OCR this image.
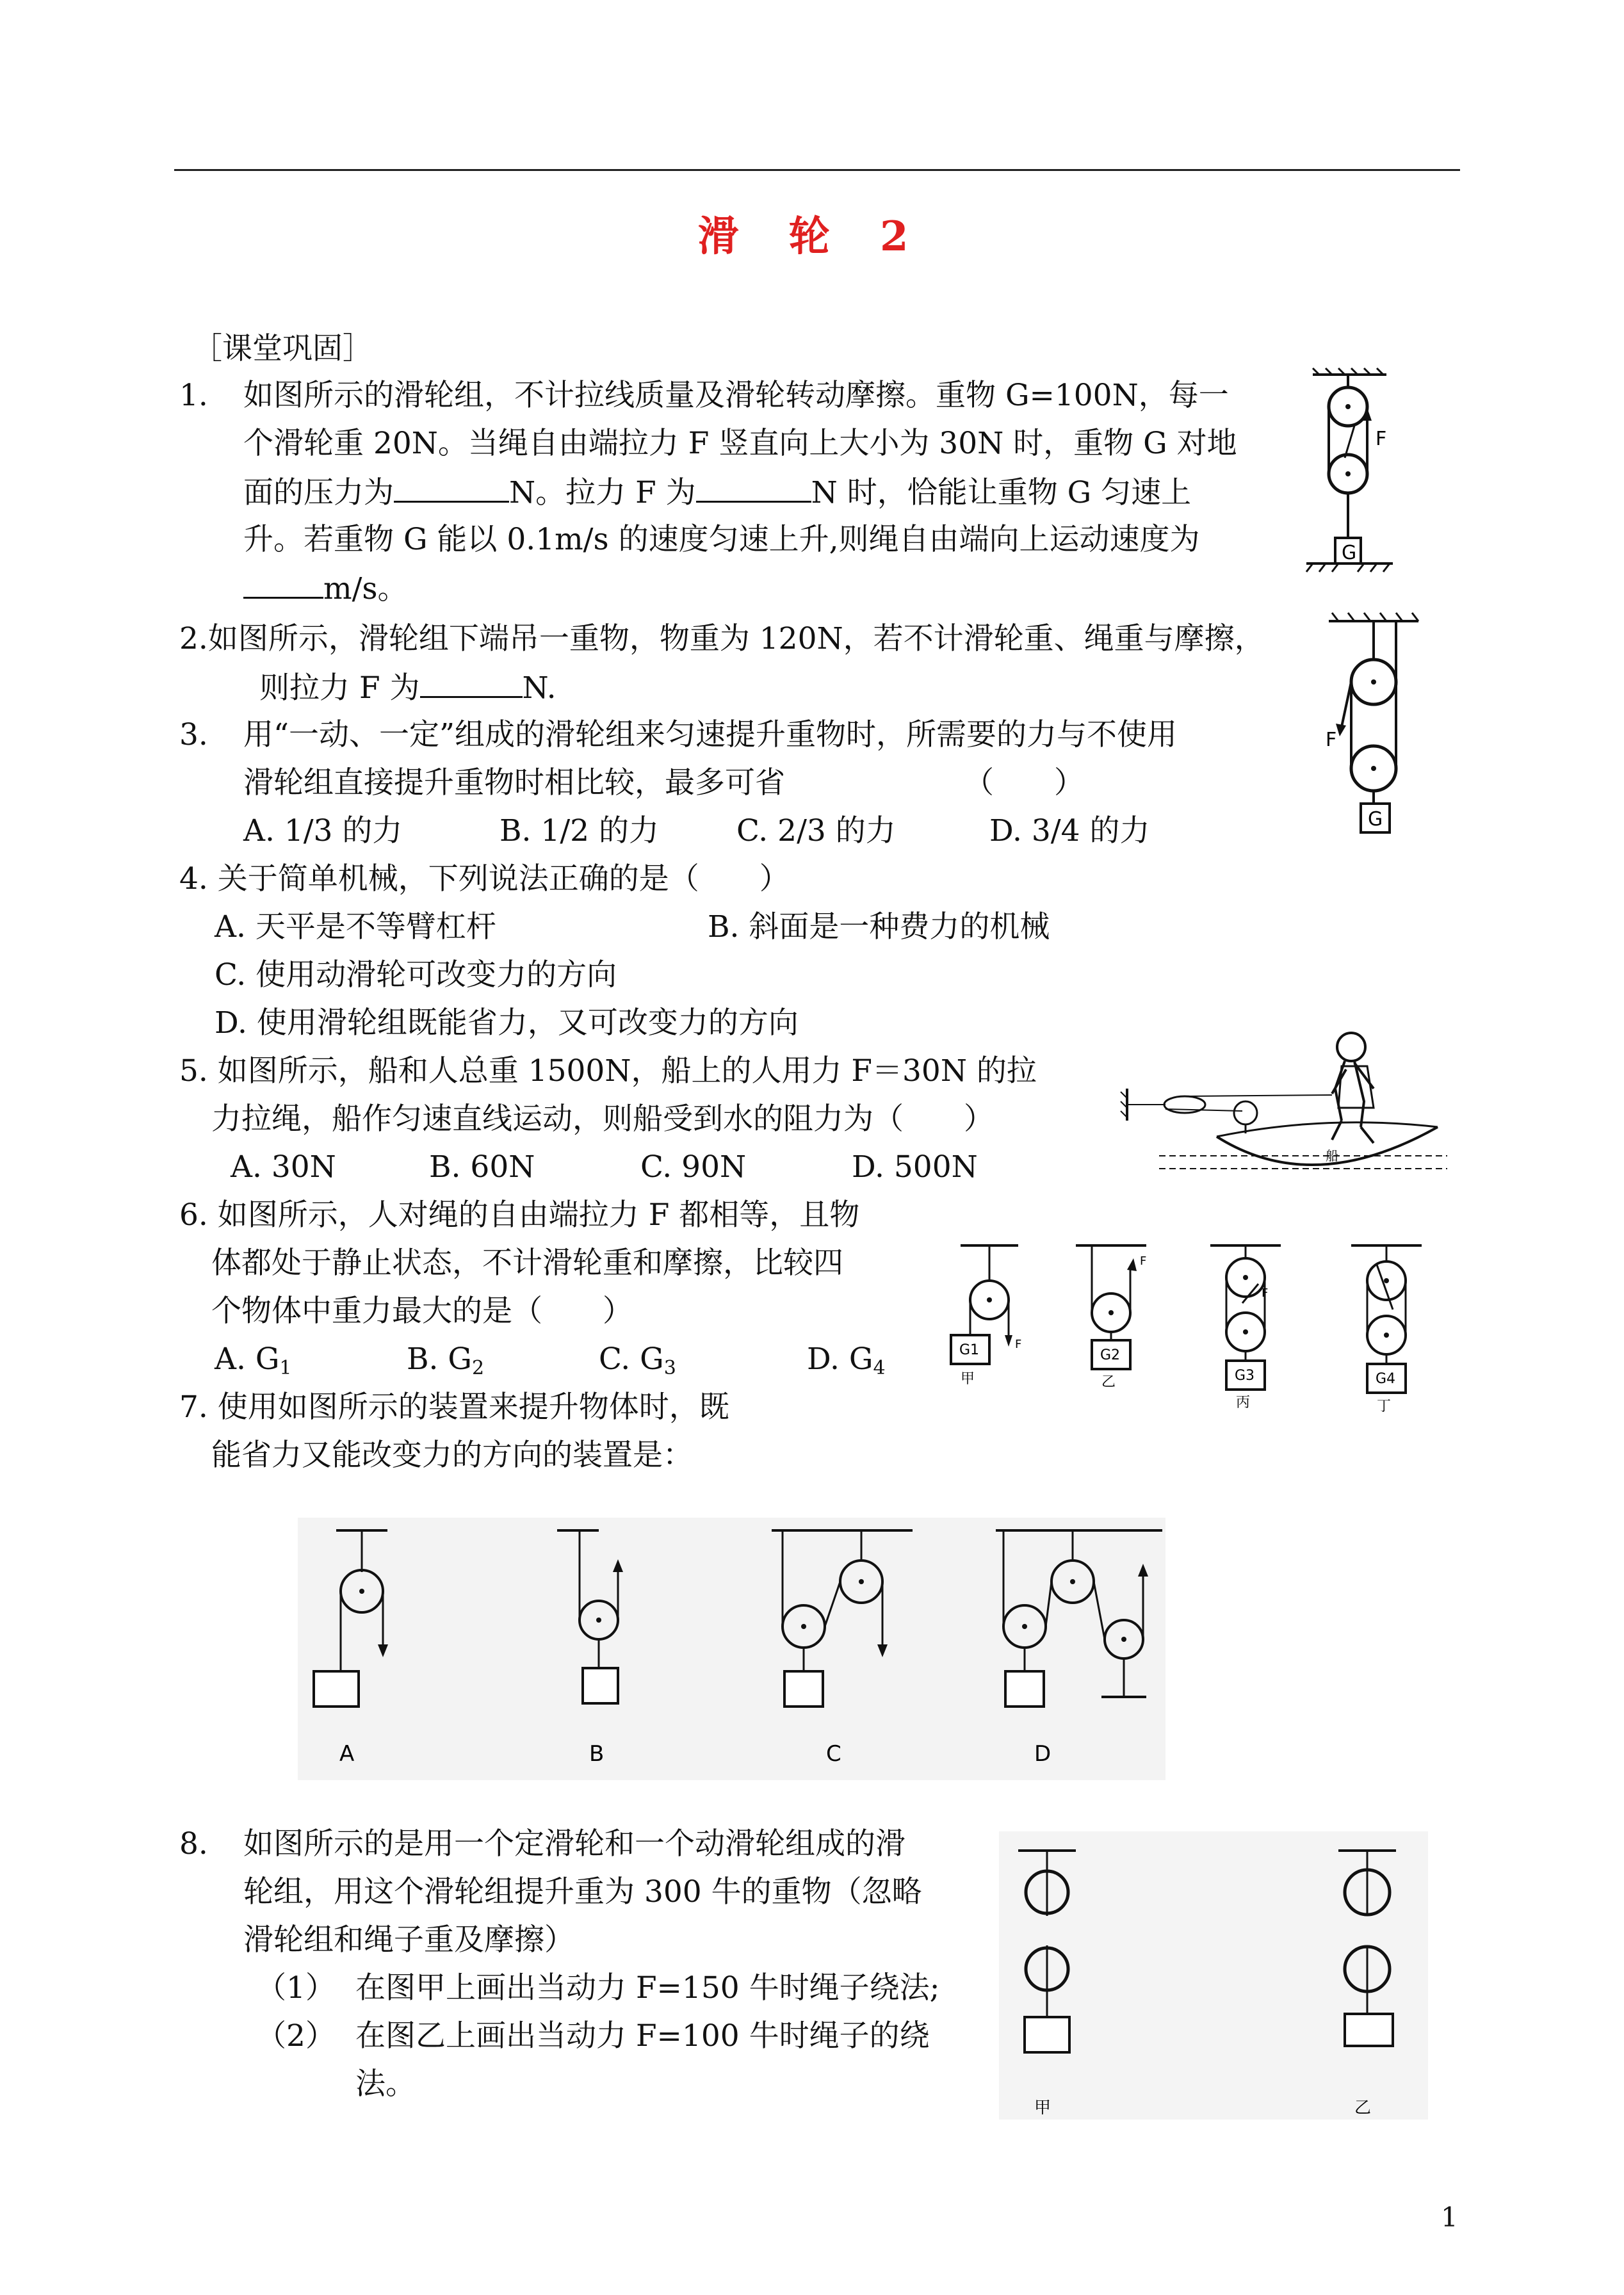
滑 轮 2
［课堂巩固］
1. 如图所示的滑轮组，不计拉线质量及滑轮转动摩擦。重物 G=100N，每一
个滑轮重 20N。当绳自由端拉力 F 竖直向上大小为 30N 时，重物 G 对地
面的压力为	N。拉力 F 为	N 时，恰能让重物 G 匀速上
升。若重物 G 能以 0.1m/s 的速度匀速上升,则绳自由端向上运动速度为
m/s。
F
G
2.如图所示，滑轮组下端吊一重物，物重为 120N，若不计滑轮重、绳重与摩擦，
则拉力 F 为	N.
F
G
3. 用“一动、一定”组成的滑轮组来匀速提升重物时，所需要的力与不使用
滑轮组直接提升重物时相比较，最多可省	（　　）
A. 1/3 的力	B. 1/2 的力	C. 2/3 的力	D. 3/4 的力
4. 关于简单机械，下列说法正确的是（　　）
A. 天平是不等臂杠杆	B. 斜面是一种费力的机械
C. 使用动滑轮可改变力的方向
D. 使用滑轮组既能省力，又可改变力的方向
5. 如图所示，船和人总重 1500N，船上的人用力 F＝30N 的拉
力拉绳，船作匀速直线运动，则船受到水的阻力为（　　）
A. 30N	B. 60N	C. 90N	D. 500N	船
6. 如图所示，人对绳的自由端拉力 F 都相等，且物
体都处于静止状态，不计滑轮重和摩擦，比较四
个物体中重力最大的是（　　）
A. $G_1$	B. $G_2$	C. $G_3$	D. $G_4$
F
G1
甲
F
G2
乙
F
G3
丙
G4
丁
7. 使用如图所示的装置来提升物体时，既
能省力又能改变力的方向的装置是：
A	B	C	D
8. 如图所示的是用一个定滑轮和一个动滑轮组成的滑
轮组，用这个滑轮组提升重为 300 牛的重物（忽略
滑轮组和绳子重及摩擦）
（1） 在图甲上画出当动力 F=150 牛时绳子绕法;
（2） 在图乙上画出当动力 F=100 牛时绳子的绕
法。
甲	乙
1
